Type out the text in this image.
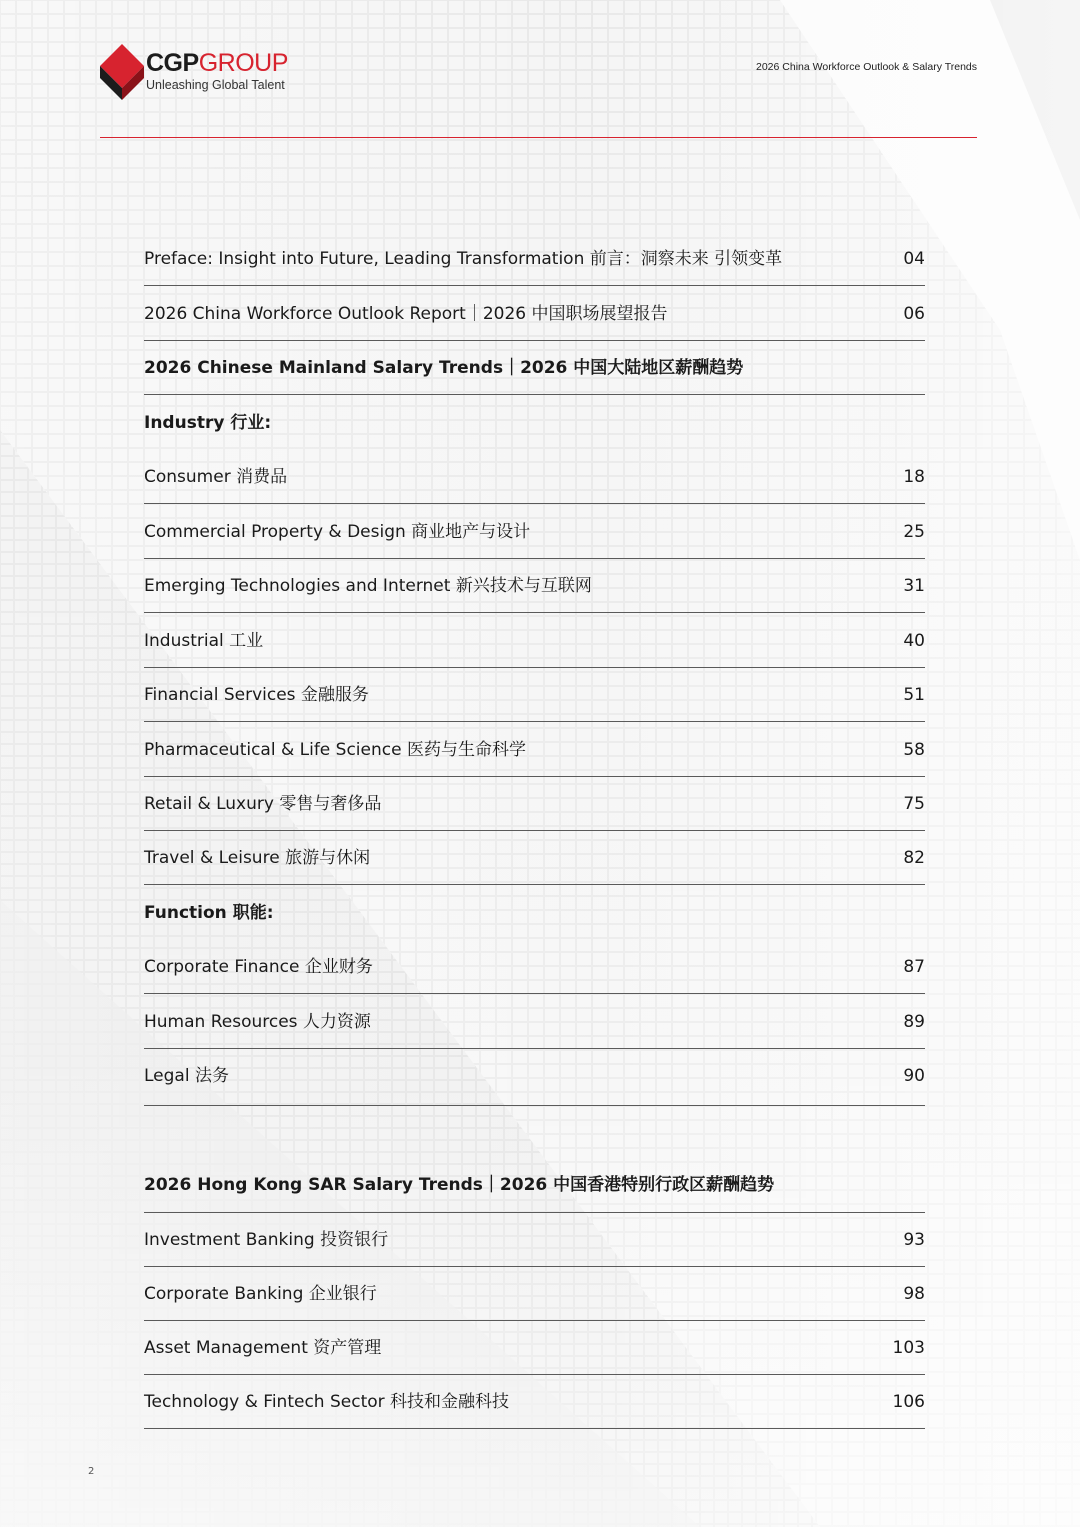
CGPGROUP
Unleashing Global Talent
2026 China Workforce Outlook & Salary Trends
Preface: Insight into Future, Leading Transformation 前言：洞察未来 引领变革	04
2026 China Workforce Outlook Report｜2026 中国职场展望报告	06
2026 Chinese Mainland Salary Trends｜2026 中国大陆地区薪酬趋势
Industry 行业:
Consumer 消费品	18
Commercial Property & Design 商业地产与设计	25
Emerging Technologies and Internet 新兴技术与互联网	31
Industrial 工业	40
Financial Services 金融服务	51
Pharmaceutical & Life Science 医药与生命科学	58
Retail & Luxury 零售与奢侈品	75
Travel & Leisure 旅游与休闲	82
Function 职能:
Corporate Finance 企业财务	87
Human Resources 人力资源	89
Legal 法务	90
2026 Hong Kong SAR Salary Trends｜2026 中国香港特别行政区薪酬趋势
Investment Banking 投资银行	93
Corporate Banking 企业银行	98
Asset Management 资产管理	103
Technology & Fintech Sector 科技和金融科技	106
2
